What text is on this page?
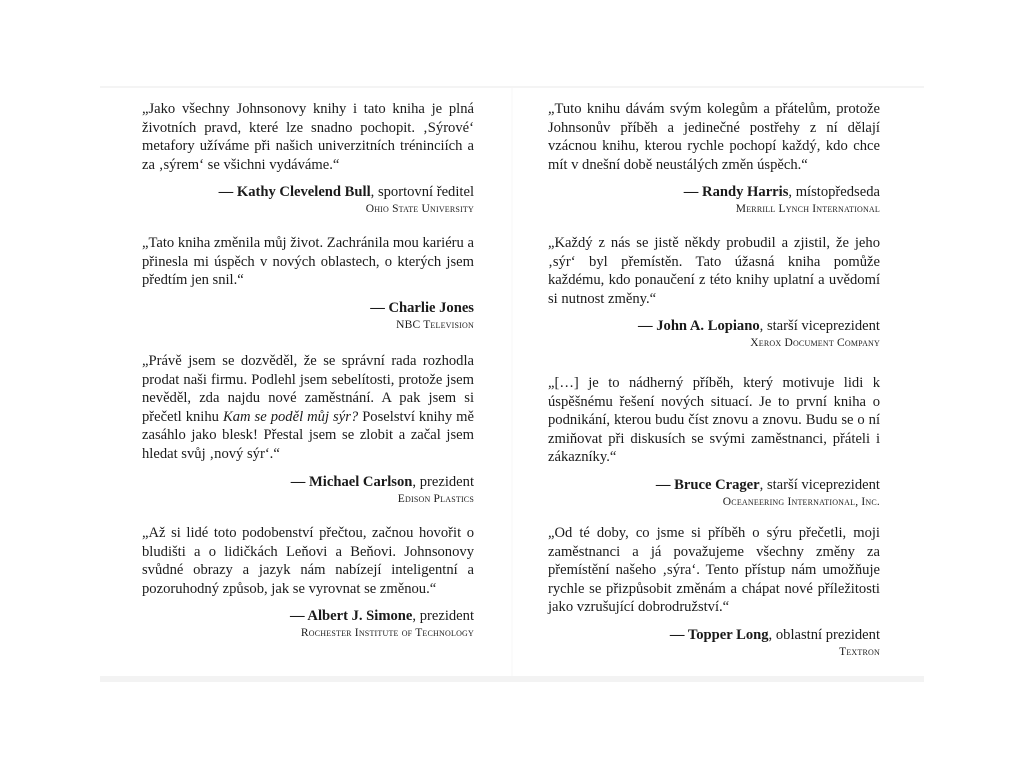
„Jako všechny Johnsonovy knihy i tato kniha je plná životních pravd, které lze snadno pochopit. ‚Sýrové‘ metafory užíváme při našich univerzitních tréninciích a za ‚sýrem‘ se všichni vydáváme.“

— Kathy Clevelend Bull, sportovní ředitel
Ohio State University

„Tato kniha změnila můj život. Zachránila mou kariéru a přinesla mi úspěch v nových oblastech, o kterých jsem předtím jen snil.“

— Charlie Jones
NBC Television

„Právě jsem se dozvěděl, že se správní rada rozhodla prodat naši firmu. Podlehl jsem sebelítosti, protože jsem nevěděl, zda najdu nové zaměstnání. A pak jsem si přečetl knihu Kam se poděl můj sýr? Poselství knihy mě zasáhlo jako blesk! Přestal jsem se zlobit a začal jsem hledat svůj ‚nový sýr‘.“

— Michael Carlson, prezident
Edison Plastics

„Až si lidé toto podobenství přečtou, začnou hovořit o bludišti a o lidičkách Leňovi a Beňovi. Johnsonovy svůdné obrazy a jazyk nám nabízejí inteligentní a pozoruhodný způsob, jak se vyrovnat se změnou.“

— Albert J. Simone, prezident
Rochester Institute of Technology

„Tuto knihu dávám svým kolegům a přátelům, protože Johnsonův příběh a jedinečné postřehy z ní dělají vzácnou knihu, kterou rychle pochopí každý, kdo chce mít v dnešní době neustálých změn úspěch.“

— Randy Harris, místopředseda
Merrill Lynch International

„Každý z nás se jistě někdy probudil a zjistil, že jeho ‚sýr‘ byl přemístěn. Tato úžasná kniha pomůže každému, kdo ponaučení z této knihy uplatní a uvědomí si nutnost změny.“

— John A. Lopiano, starší viceprezident
Xerox Document Company

„[…] je to nádherný příběh, který motivuje lidi k úspěšnému řešení nových situací. Je to první kniha o podnikání, kterou budu číst znovu a znovu. Budu se o ní zmiňovat při diskusích se svými zaměstnanci, přáteli i zákazníky.“

— Bruce Crager, starší viceprezident
Oceaneering International, Inc.

„Od té doby, co jsme si příběh o sýru přečetli, moji zaměstnanci a já považujeme všechny změny za přemístění našeho ‚sýra‘. Tento přístup nám umožňuje rychle se přizpůsobit změnám a chápat nové příležitosti jako vzrušující dobrodružství.“

— Topper Long, oblastní prezident
Textron
